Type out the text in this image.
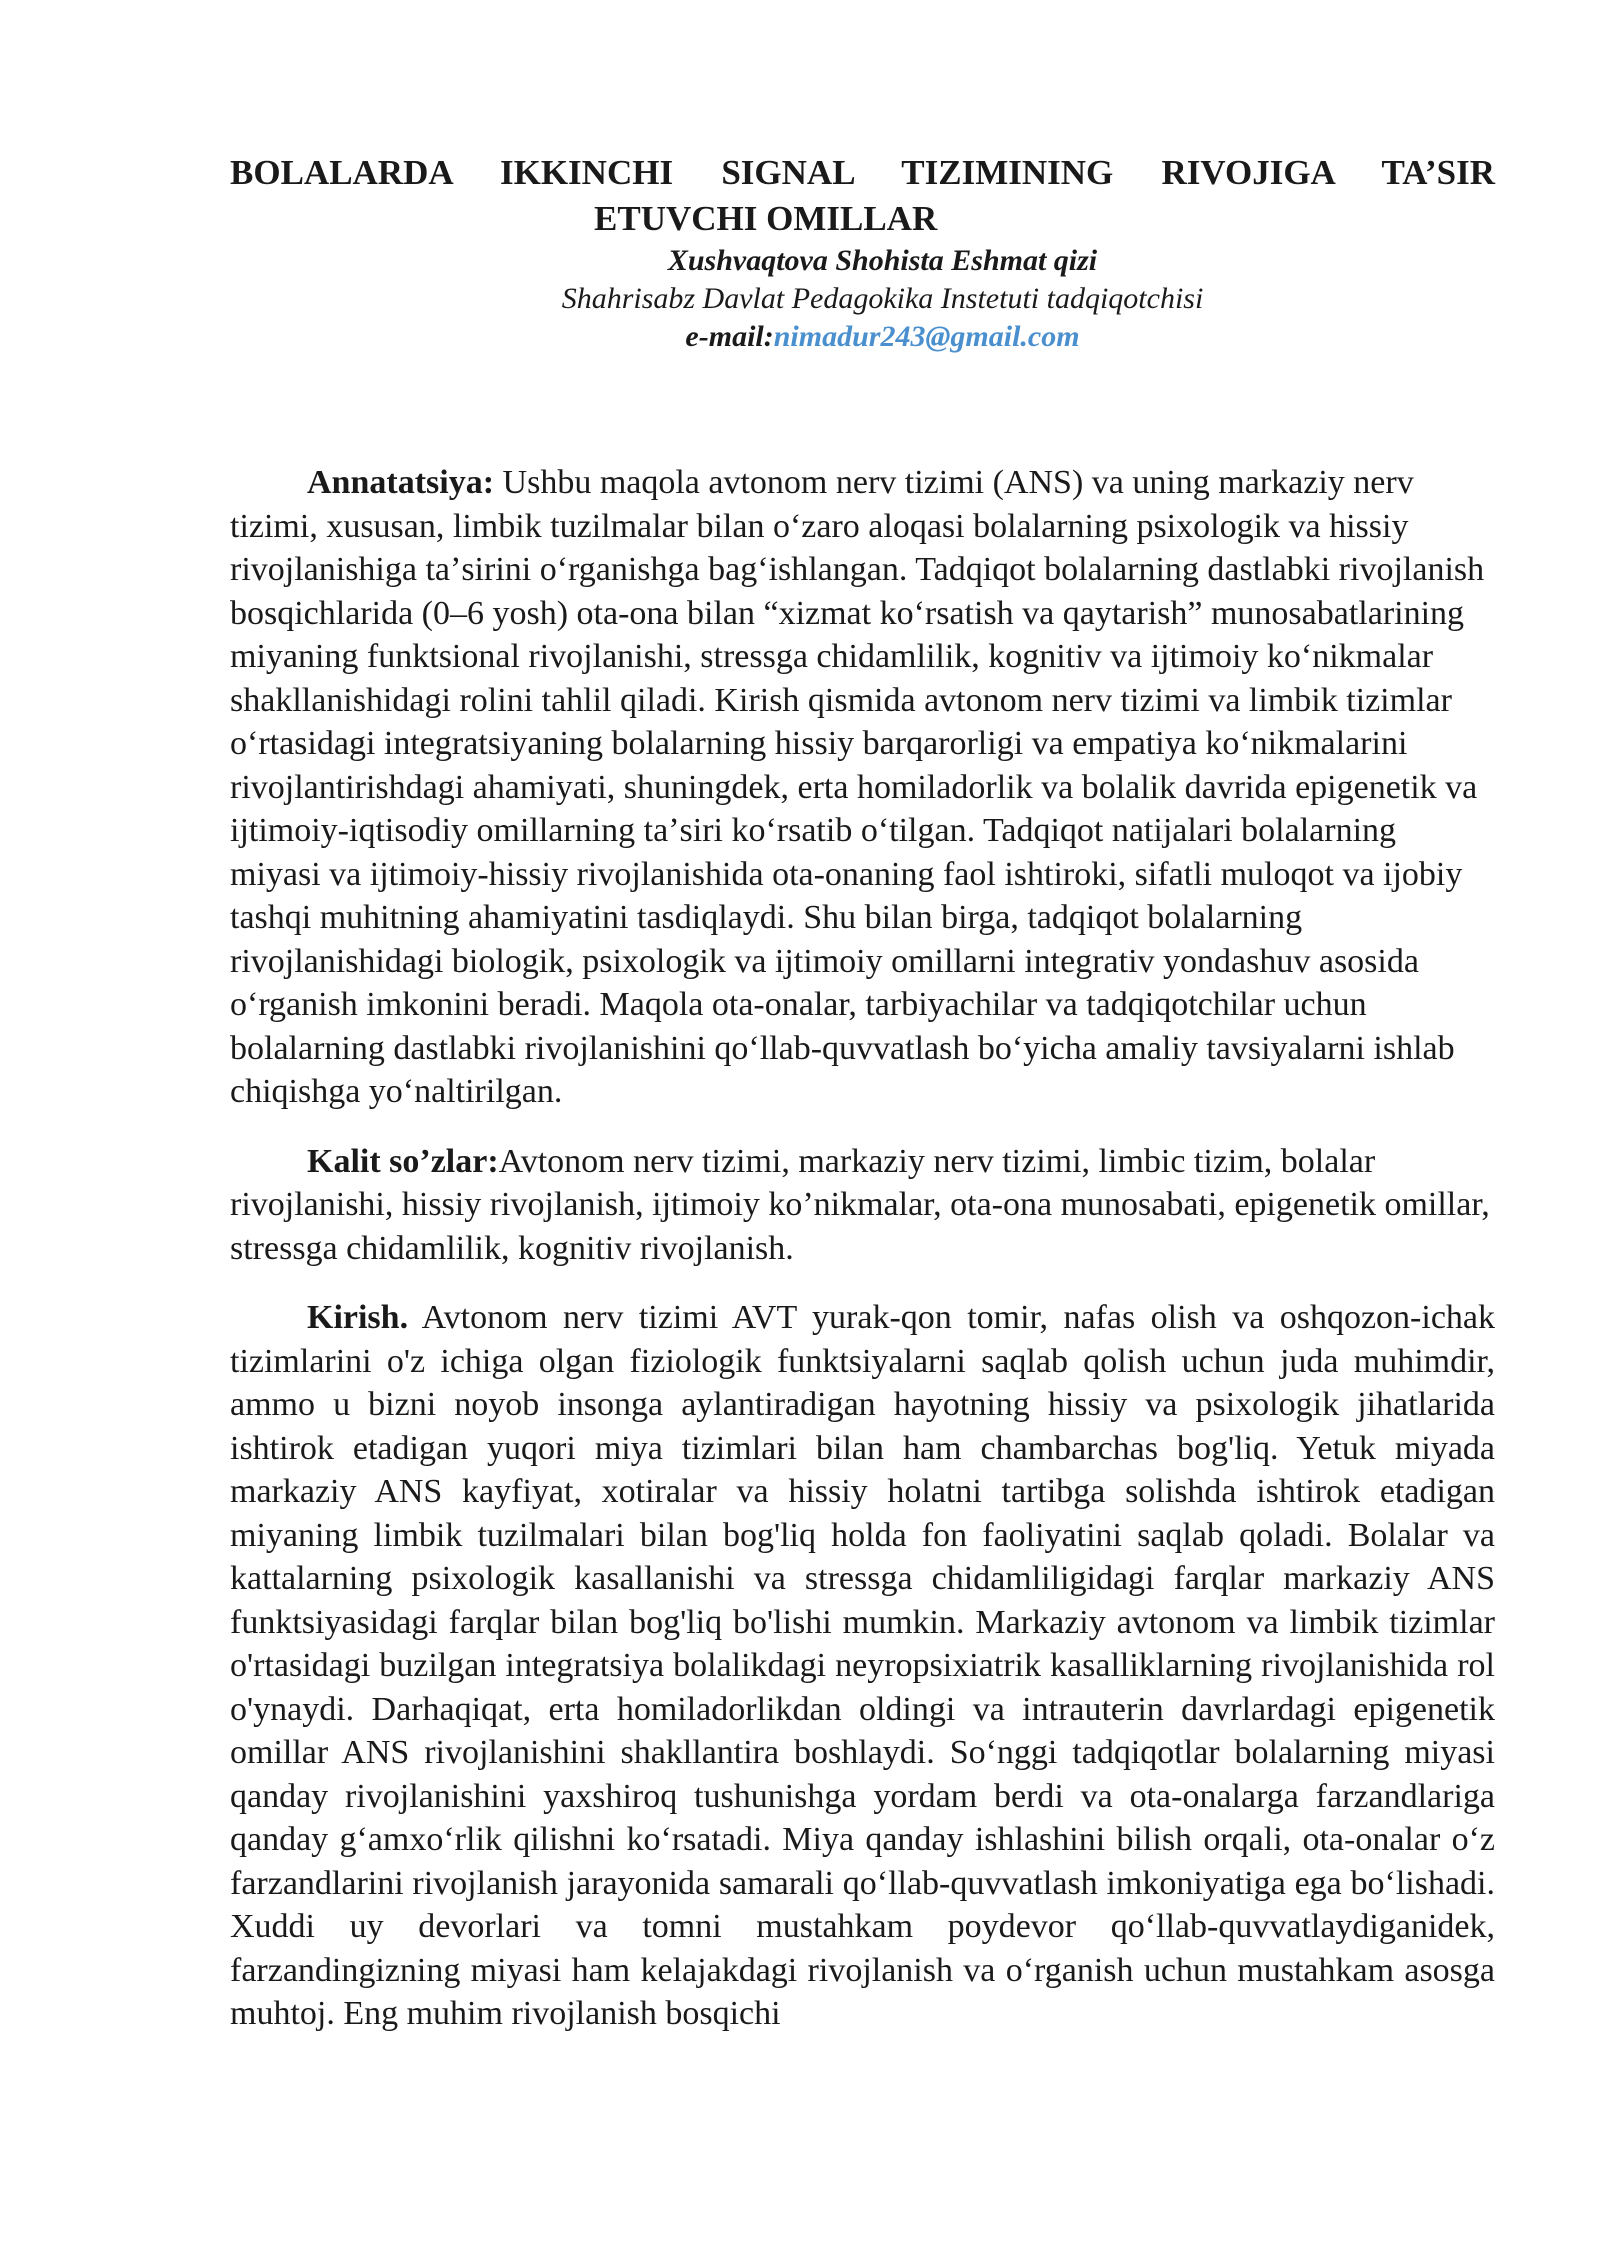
BOLALARDA IKKINCHI SIGNAL TIZIMINING RIVOJIGA TA’SIR
ETUVCHI OMILLAR

Xushvaqtova Shohista Eshmat qizi

Shahrisabz Davlat Pedagokika Instetuti tadqiqotchisi

e-mail:nimadur243@gmail.com

Annatatsiya: Ushbu maqola avtonom nerv tizimi (ANS) va uning markaziy nerv tizimi, xususan, limbik tuzilmalar bilan oʻzaro aloqasi bolalarning psixologik va hissiy rivojlanishiga taʼsirini oʻrganishga bagʻishlangan. Tadqiqot bolalarning dastlabki rivojlanish bosqichlarida (0–6 yosh) ota-ona bilan “xizmat koʻrsatish va qaytarish” munosabatlarining miyaning funktsional rivojlanishi, stressga chidamlilik, kognitiv va ijtimoiy koʻnikmalar shakllanishidagi rolini tahlil qiladi. Kirish qismida avtonom nerv tizimi va limbik tizimlar oʻrtasidagi integratsiyaning bolalarning hissiy barqarorligi va empatiya koʻnikmalarini rivojlantirishdagi ahamiyati, shuningdek, erta homiladorlik va bolalik davrida epigenetik va ijtimoiy-iqtisodiy omillarning taʼsiri koʻrsatib oʻtilgan. Tadqiqot natijalari bolalarning miyasi va ijtimoiy-hissiy rivojlanishida ota-onaning faol ishtiroki, sifatli muloqot va ijobiy tashqi muhitning ahamiyatini tasdiqlaydi. Shu bilan birga, tadqiqot bolalarning rivojlanishidagi biologik, psixologik va ijtimoiy omillarni integrativ yondashuv asosida oʻrganish imkonini beradi. Maqola ota-onalar, tarbiyachilar va tadqiqotchilar uchun bolalarning dastlabki rivojlanishini qoʻllab-quvvatlash boʻyicha amaliy tavsiyalarni ishlab chiqishga yoʻnaltirilgan.

Kalit so’zlar:Avtonom nerv tizimi, markaziy nerv tizimi, limbic tizim, bolalar rivojlanishi, hissiy rivojlanish, ijtimoiy ko’nikmalar, ota-ona munosabati, epigenetik omillar, stressga chidamlilik, kognitiv rivojlanish.

Kirish. Avtonom nerv tizimi AVT yurak-qon tomir, nafas olish va oshqozon-ichak tizimlarini o'z ichiga olgan fiziologik funktsiyalarni saqlab qolish uchun juda muhimdir, ammo u bizni noyob insonga aylantiradigan hayotning hissiy va psixologik jihatlarida ishtirok etadigan yuqori miya tizimlari bilan ham chambarchas bog'liq. Yetuk miyada markaziy ANS kayfiyat, xotiralar va hissiy holatni tartibga solishda ishtirok etadigan miyaning limbik tuzilmalari bilan bog'liq holda fon faoliyatini saqlab qoladi. Bolalar va kattalarning psixologik kasallanishi va stressga chidamliligidagi farqlar markaziy ANS funktsiyasidagi farqlar bilan bog'liq bo'lishi mumkin. Markaziy avtonom va limbik tizimlar o'rtasidagi buzilgan integratsiya bolalikdagi neyropsixiatrik kasalliklarning rivojlanishida rol o'ynaydi. Darhaqiqat, erta homiladorlikdan oldingi va intrauterin davrlardagi epigenetik omillar ANS rivojlanishini shakllantira boshlaydi. Soʻnggi tadqiqotlar bolalarning miyasi qanday rivojlanishini yaxshiroq tushunishga yordam berdi va ota-onalarga farzandlariga qanday gʻamxoʻrlik qilishni koʻrsatadi. Miya qanday ishlashini bilish orqali, ota-onalar oʻz farzandlarini rivojlanish jarayonida samarali qoʻllab-quvvatlash imkoniyatiga ega boʻlishadi. Xuddi uy devorlari va tomni mustahkam poydevor qoʻllab-quvvatlaydiganidek, farzandingizning miyasi ham kelajakdagi rivojlanish va oʻrganish uchun mustahkam asosga muhtoj. Eng muhim rivojlanish bosqichi
